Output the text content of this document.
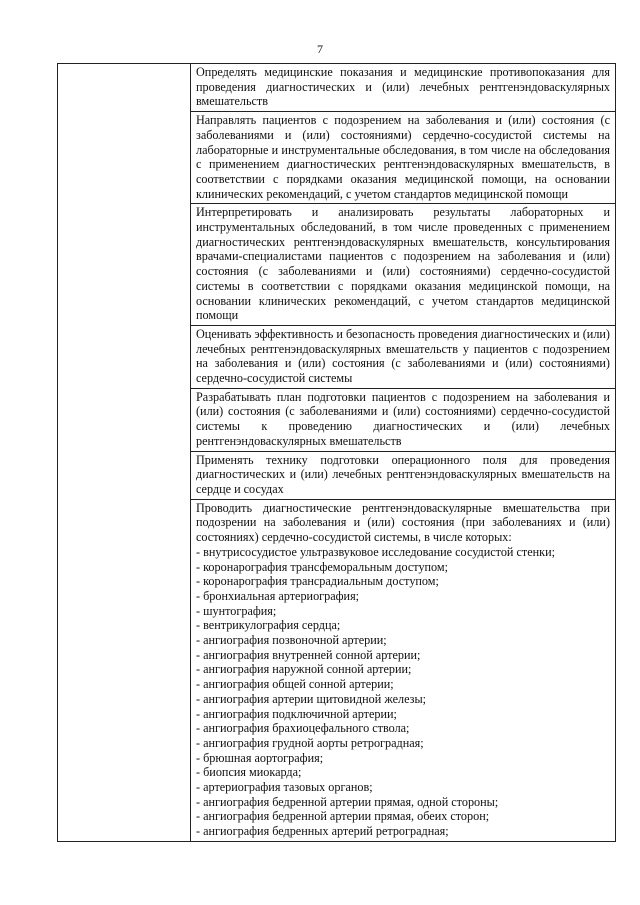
7
	Определять медицинские показания и медицинские противопоказания для проведения диагностических и (или) лечебных рентгенэндоваскулярных вмешательств
Направлять пациентов с подозрением на заболевания и (или) состояния (с заболеваниями и (или) состояниями) сердечно-сосудистой системы на лабораторные и инструментальные обследования, в том числе на обследования с применением диагностических рентгенэндоваскулярных вмешательств, в соответствии с порядками оказания медицинской помощи, на основании клинических рекомендаций, с учетом стандартов медицинской помощи
Интерпретировать и анализировать результаты лабораторных и инструментальных обследований, в том числе проведенных с применением диагностических рентгенэндоваскулярных вмешательств, консультирования врачами-специалистами пациентов с подозрением на заболевания и (или) состояния (с заболеваниями и (или) состояниями) сердечно-сосудистой системы в соответствии с порядками оказания медицинской помощи, на основании клинических рекомендаций, с учетом стандартов медицинской помощи
Оценивать эффективность и безопасность проведения диагностических и (или) лечебных рентгенэндоваскулярных вмешательств у пациентов с подозрением на заболевания и (или) состояния (с заболеваниями и (или) состояниями) сердечно-сосудистой системы
Разрабатывать план подготовки пациентов с подозрением на заболевания и (или) состояния (с заболеваниями и (или) состояниями) сердечно-сосудистой системы к проведению диагностических и (или) лечебных рентгенэндоваскулярных вмешательств
Применять технику подготовки операционного поля для проведения диагностических и (или) лечебных рентгенэндоваскулярных вмешательств на сердце и сосудах

Проводить диагностические рентгенэндоваскулярные вмешательства при подозрении на заболевания и (или) состояния (при заболеваниях и (или) состояниях) сердечно-сосудистой системы, в числе которых:
- внутрисосудистое ультразвуковое исследование сосудистой стенки;
- коронарография трансфеморальным доступом;
- коронарография трансрадиальным доступом;
- бронхиальная артериография;
- шунтография;
- вентрикулография сердца;
- ангиография позвоночной артерии;
- ангиография внутренней сонной артерии;
- ангиография наружной сонной артерии;
- ангиография общей сонной артерии;
- ангиография артерии щитовидной железы;
- ангиография подключичной артерии;
- ангиография брахиоцефального ствола;
- ангиография грудной аорты ретроградная;
- брюшная аортография;
- биопсия миокарда;
- артериография тазовых органов;
- ангиография бедренной артерии прямая, одной стороны;
- ангиография бедренной артерии прямая, обеих сторон;
- ангиография бедренных артерий ретроградная;
